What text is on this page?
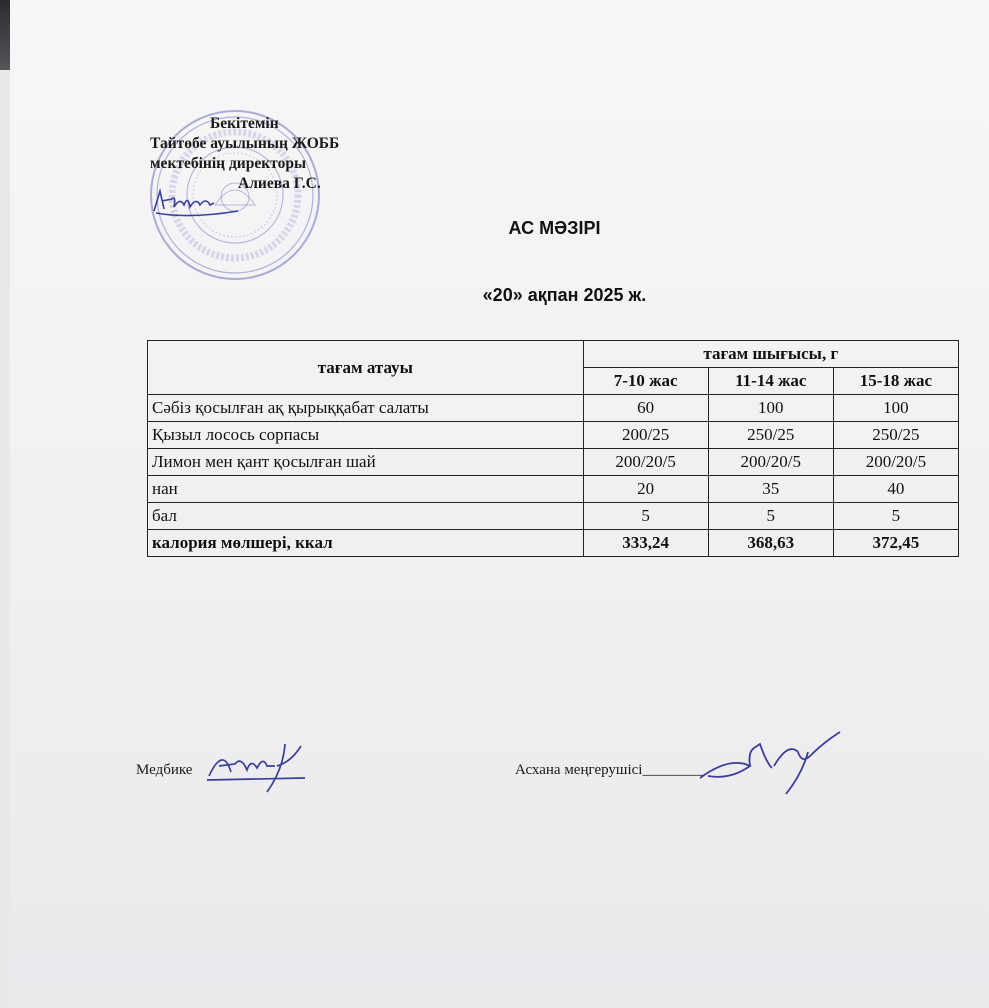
Бекітемін
Тайтөбе ауылының ЖОББ
мектебінің директоры
Алиева Г.С.
АС МӘЗІРІ
«20» ақпан 2025 ж.
тағам атауы	тағам шығысы, г		
	7-10 жас	11-14 жас	15-18 жас
Сәбіз қосылған ақ қырыққабат салаты	60	100	100
Қызыл лосось сорпасы	200/25	250/25	250/25
Лимон мен қант қосылған шай	200/20/5	200/20/5	200/20/5
нан	20	35	40
бал	5	5	5
калория мөлшері, ккал	333,24	368,63	372,45
Медбике	Асхана меңгерушісі________
